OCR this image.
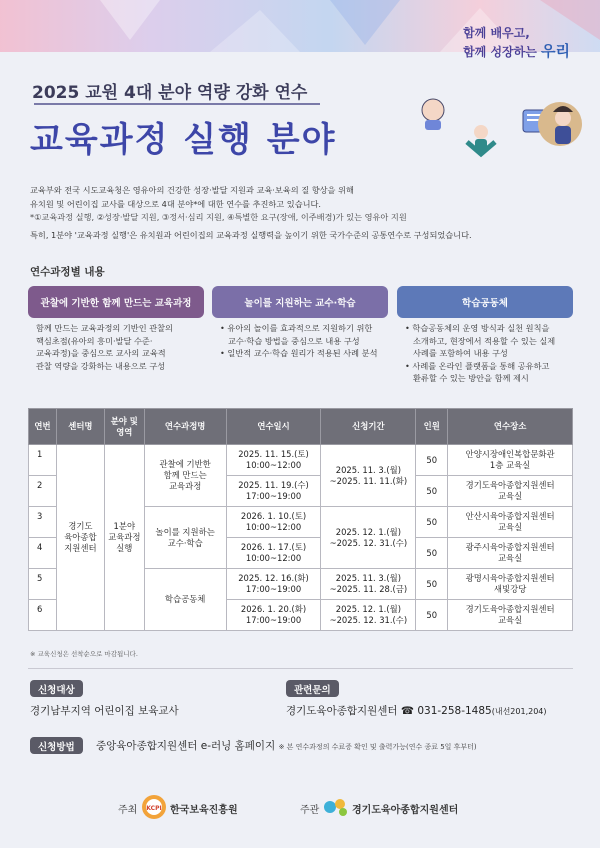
함께 배우고,
함께 성장하는 우리
2025 교원 4대 분야 역량 강화 연수
교육과정 실행 분야

교육부와 전국 시도교육청은 영유아의 건강한 성장·발달 지원과 교육·보육의 질 향상을 위해

유치원 및 어린이집 교사를 대상으로 4대 분야*에 대한 연수를 추진하고 있습니다.

*①교육과정 실행, ②성장·발달 지원, ③정서·심리 지원, ④특별한 요구(장애, 이주배경)가 있는 영유아 지원

특히, 1분야 '교육과정 실행'은 유치원과 어린이집의 교육과정 실행력을 높이기 위한 국가수준의 공통연수로 구성되었습니다.

연수과정별 내용
관찰에 기반한 함께 만드는 교육과정	놀이를 지원하는 교수·학습	학습공동체
함께 만드는 교육과정의 기반인 관찰의
핵심초점(유아의 흥미·발달 수준·
교육과정)을 중심으로 교사의 교육적
관찰 역량을 강화하는 내용으로 구성
• 유아의 놀이를 효과적으로 지원하기 위한
교수·학습 방법을 중심으로 내용 구성
• 일반적 교수·학습 원리가 적용된 사례 분석
• 학습공동체의 운영 방식과 실천 원칙을
소개하고, 현장에서 적용할 수 있는 실제
사례를 포함하여 내용 구성
• 사례를 온라인 플랫폼을 통해 공유하고
환류할 수 있는 방안을 함께 제시
연번	센터명	분야 및
영역	연수과정명	연수일시	신청기간	인원	연수장소
1	경기도
육아종합
지원센터	1분야
교육과정
실행	관찰에 기반한
함께 만드는
교육과정	2025. 11. 15.(토)
10:00~12:00	2025. 11. 3.(월)
~2025. 11. 11.(화)	50	안양시장애인복합문화관
1층 교육실
2				2025. 11. 19.(수)
17:00~19:00		50	경기도육아종합지원센터
교육실
3			놀이를 지원하는
교수·학습	2026. 1. 10.(토)
10:00~12:00	2025. 12. 1.(월)
~2025. 12. 31.(수)	50	안산시육아종합지원센터
교육실
4				2026. 1. 17.(토)
10:00~12:00		50	광주시육아종합지원센터
교육실
5			학습공동체	2025. 12. 16.(화)
17:00~19:00	2025. 11. 3.(월)
~2025. 11. 28.(금)	50	광명시육아종합지원센터
새빛강당
6				2026. 1. 20.(화)
17:00~19:00	2025. 12. 1.(월)
~2025. 12. 31.(수)	50	경기도육아종합지원센터
교육실
※ 교육신청은 선착순으로 마감됩니다.
신청대상
경기남부지역 어린이집 보육교사
관련문의
경기도육아종합지원센터 ☎ 031-258-1485(내선201,204)
신청방법	중앙육아종합지원센터 e-러닝 홈페이지 ※ 본 연수과정의 수료증 확인 및 출력가능(연수 종료 5일 후부터)
주최 KCPI 한국보육진흥원	주관	경기도육아종합지원센터
